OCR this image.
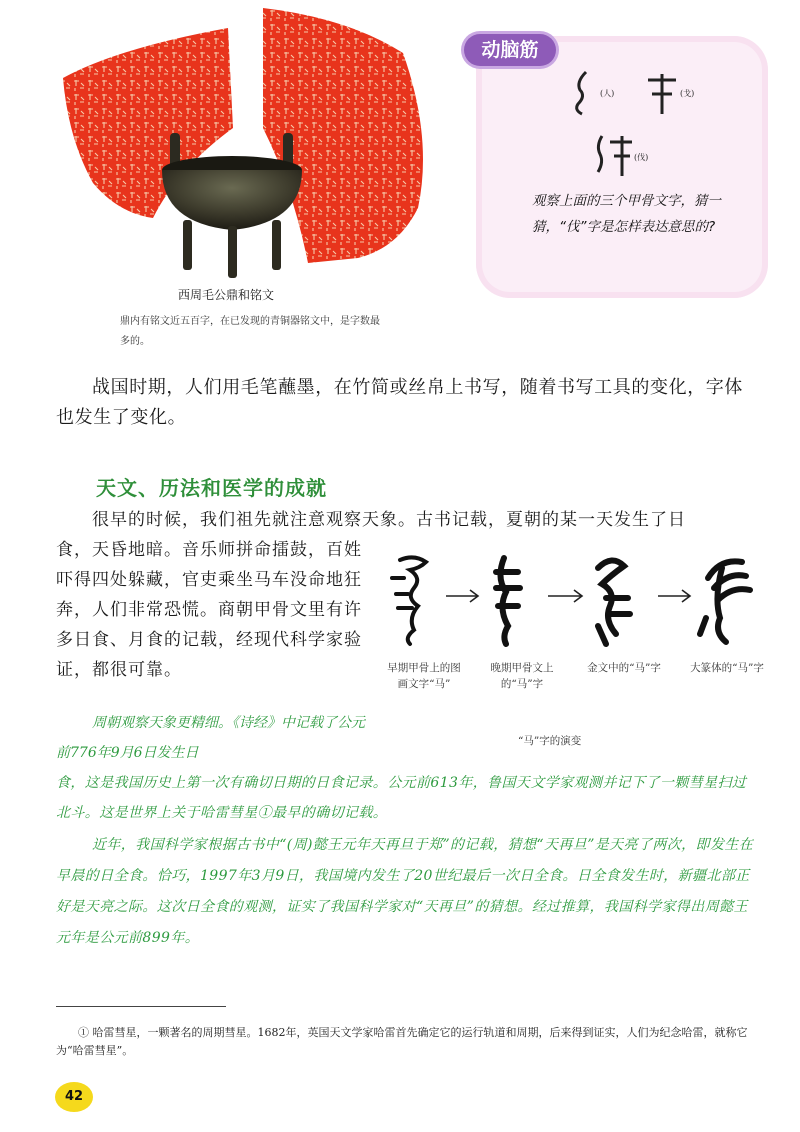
西周毛公鼎和铭文
鼎内有铭文近五百字，在已发现的青铜器铭文中，是字数最多的。
动脑筋
(人)	(戈)
(伐)
观察上面的三个甲骨文字，猜一猜，“伐”字是怎样表达意思的?
战国时期，人们用毛笔蘸墨，在竹简或丝帛上书写，随着书写工具的变化，字体也发生了变化。
天文、历法和医学的成就
很早的时候，我们祖先就注意观察天象。古书记载，夏朝的某一天发生了日
食，天昏地暗。音乐师拼命擂鼓，百姓吓得四处躲藏，官吏乘坐马车没命地狂奔，人们非常恐慌。商朝甲骨文里有许多日食、月食的记载，经现代科学家验证，都很可靠。	早期甲骨上的图画文字“马”
晚期甲骨文上的“马”字
金文中的“马”字	大篆体的“马”字
“马”字的演变
周朝观察天象更精细。《诗经》中记载了公元前776年9月6日发生日
食，这是我国历史上第一次有确切日期的日食记录。公元前613年，鲁国天文学家观测并记下了一颗彗星扫过北斗。这是世界上关于哈雷彗星①最早的确切记载。
近年，我国科学家根据古书中“(周)懿王元年天再旦于郑”的记载，猜想“天再旦”是天亮了两次，即发生在早晨的日全食。恰巧，1997年3月9日，我国境内发生了20世纪最后一次日全食。日全食发生时，新疆北部正好是天亮之际。这次日全食的观测，证实了我国科学家对“天再旦”的猜想。经过推算，我国科学家得出周懿王元年是公元前899年。
① 哈雷彗星，一颗著名的周期彗星。1682年，英国天文学家哈雷首先确定它的运行轨道和周期，后来得到证实，人们为纪念哈雷，就称它为“哈雷彗星”。
42
